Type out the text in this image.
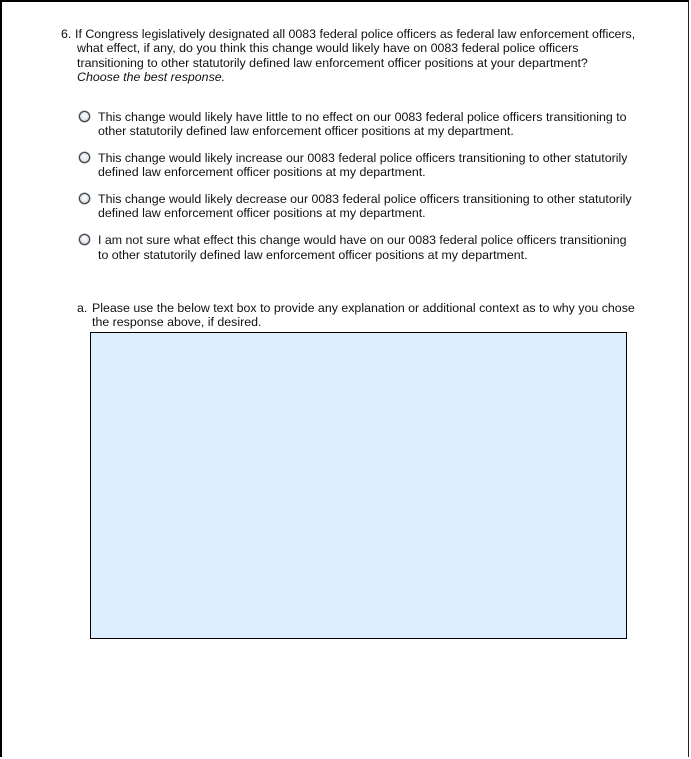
6. If Congress legislatively designated all 0083 federal police officers as federal law enforcement officers, what effect, if any, do you think this change would likely have on 0083 federal police officers transitioning to other statutorily defined law enforcement officer positions at your department?
Choose the best response.
This change would likely have little to no effect on our 0083 federal police officers transitioning to other statutorily defined law enforcement officer positions at my department.
This change would likely increase our 0083 federal police officers transitioning to other statutorily defined law enforcement officer positions at my department.
This change would likely decrease our 0083 federal police officers transitioning to other statutorily defined law enforcement officer positions at my department.
I am not sure what effect this change would have on our 0083 federal police officers transitioning to other statutorily defined law enforcement officer positions at my department.
a. Please use the below text box to provide any explanation or additional context as to why you chose the response above, if desired.
